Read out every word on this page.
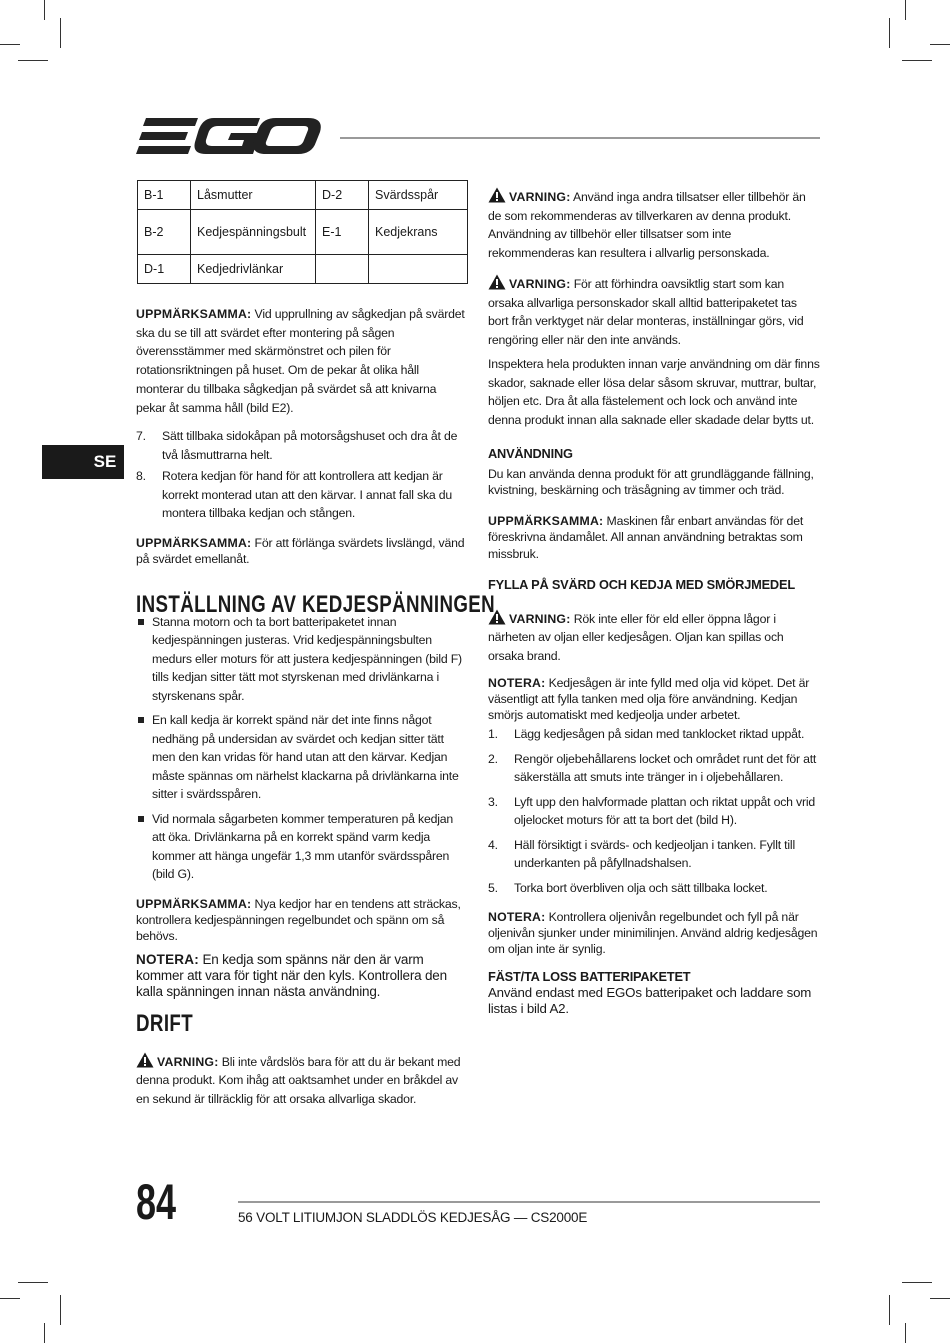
SE
B-1	Låsmutter	D-2	Svärdsspår
B-2	Kedjespänningsbult	E-1	Kedjekrans
D-1	Kedjedrivlänkar		

UPPMÄRKSAMMA: Vid upprullning av sågkedjan på svärdet ska du se till att svärdet efter montering på sågen överensstämmer med skärmönstret och pilen för rotationsriktningen på huset. Om de pekar åt olika håll monterar du tillbaka sågkedjan på svärdet så att knivarna pekar åt samma håll (bild E2).

7. Sätt tillbaka sidokåpan på motorsågshuset och dra åt de två låsmuttrarna helt.
8. Rotera kedjan för hand för att kontrollera att kedjan är korrekt monterad utan att den kärvar. I annat fall ska du montera tillbaka kedjan och stången.

UPPMÄRKSAMMA: För att förlänga svärdets livslängd, vänd på svärdet emellanåt.

INSTÄLLNING AV KEDJESPÄNNINGEN
Stanna motorn och ta bort batteripaketet innan kedjespänningen justeras. Vrid kedjespänningsbulten medurs eller moturs för att justera kedjespänningen (bild F) tills kedjan sitter tätt mot styrskenan med drivlänkarna i styrskenans spår.
En kall kedja är korrekt spänd när det inte finns något nedhäng på undersidan av svärdet och kedjan sitter tätt men den kan vridas för hand utan att den kärvar. Kedjan måste spännas om närhelst klackarna på drivlänkarna inte sitter i svärdsspåren.
Vid normala sågarbeten kommer temperaturen på kedjan att öka. Drivlänkarna på en korrekt spänd varm kedja kommer att hänga ungefär 1,3 mm utanför svärdsspåren (bild G).

UPPMÄRKSAMMA: Nya kedjor har en tendens att sträckas, kontrollera kedjespänningen regelbundet och spänn om så behövs.

NOTERA: En kedja som spänns när den är varm kommer att vara för tight när den kyls. Kontrollera den kalla spänningen innan nästa användning.

DRIFT

VARNING: Bli inte vårdslös bara för att du är bekant med denna produkt. Kom ihåg att oaktsamhet under en bråkdel av en sekund är tillräcklig för att orsaka allvarliga skador.

VARNING: Använd inga andra tillsatser eller tillbehör än de som rekommenderas av tillverkaren av denna produkt. Användning av tillbehör eller tillsatser som inte rekommenderas kan resultera i allvarlig personskada.

VARNING: För att förhindra oavsiktlig start som kan orsaka allvarliga personskador skall alltid batteripaketet tas bort från verktyget när delar monteras, inställningar görs, vid rengöring eller när den inte används.

Inspektera hela produkten innan varje användning om där finns skador, saknade eller lösa delar såsom skruvar, muttrar, bultar, höljen etc. Dra åt alla fästelement och lock och använd inte denna produkt innan alla saknade eller skadade delar bytts ut.

ANVÄNDNING

Du kan använda denna produkt för att grundläggande fällning, kvistning, beskärning och träsågning av timmer och träd.

UPPMÄRKSAMMA: Maskinen får enbart användas för det föreskrivna ändamålet. All annan användning betraktas som missbruk.

FYLLA PÅ SVÄRD OCH KEDJA MED SMÖRJMEDEL

VARNING: Rök inte eller för eld eller öppna lågor i närheten av oljan eller kedjesågen. Oljan kan spillas och orsaka brand.

NOTERA: Kedjesågen är inte fylld med olja vid köpet. Det är väsentligt att fylla tanken med olja före användning. Kedjan smörjs automatiskt med kedjeolja under arbetet.

1. Lägg kedjesågen på sidan med tanklocket riktad uppåt.
2. Rengör oljebehållarens locket och området runt det för att säkerställa att smuts inte tränger in i oljebehållaren.
3. Lyft upp den halvformade plattan och riktat uppåt och vrid oljelocket moturs för att ta bort det (bild H).
4. Häll försiktigt i svärds- och kedjeoljan i tanken. Fyllt till underkanten på påfyllnadshalsen.
5. Torka bort överbliven olja och sätt tillbaka locket.

NOTERA: Kontrollera oljenivån regelbundet och fyll på när oljenivån sjunker under minimilinjen. Använd aldrig kedjesågen om oljan inte är synlig.

FÄST/TA LOSS BATTERIPAKETET

Använd endast med EGOs batteripaket och laddare som listas i bild A2.

84	56 VOLT LITIUMJON SLADDLÖS KEDJESÅG — CS2000E
